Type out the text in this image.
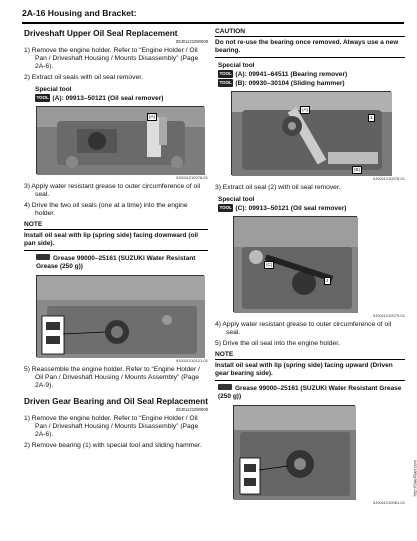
2A-16 Housing and Bracket:
Driveshaft Upper Oil Seal Replacement
Z9J01121090008
1) Remove the engine holder. Refer to “Engine Holder / Oil Pan / Driveshaft Housing / Mounts Disassembly” (Page 2A-6).
2) Extract oil seals with oil seal remover.
Special tool
TOOL (A): 09913–50121 (Oil seal remover)
(A)
9J0011210076-01
3) Apply water resistant grease to outer circumference of oil seal.
4) Drive the two oil seals (one at a time) into the engine holder.
NOTE
Install oil seal with lip (spring side) facing downward (oil pan side).
Grease 99000–25161 (SUZUKI Water Resistant Grease (250 g))
9J0011210121-01
5) Reassemble the engine holder. Refer to “Engine Holder / Oil Pan / Driveshaft Housing / Mounts Assembly” (Page 2A-9).
Driven Gear Bearing and Oil Seal Replacement
Z9J01121090009
1) Remove the engine holder. Refer to “Engine Holder / Oil Pan / Driveshaft Housing / Mounts Disassembly” (Page 2A-6).
2) Remove bearing (1) with special tool and sliding hammer.
CAUTION
Do not re-use the bearing once removed. Always use a new bearing.
Special tool
TOOL (A): 09941–64511 (Bearing remover)
TOOL (B): 09930–30104 (Sliding hammer)
(A)
1
(B)
9J0011210078-01
3) Extract oil seal (2) with oil seal remover.
Special tool
TOOL (C): 09913–50121 (Oil seal remover)
(C)
2
9J0011210079-01
4) Apply water resistant grease to outer circumference of oil seal.
5) Drive the oil seal into the engine holder.
NOTE
Install oil seal with lip (spring side) facing upward (Driven gear bearing side).
Grease 99000–25161 (SUZUKI Water Resistant Grease (250 g))
9J0011210081-01
http://SeeFluer.com
